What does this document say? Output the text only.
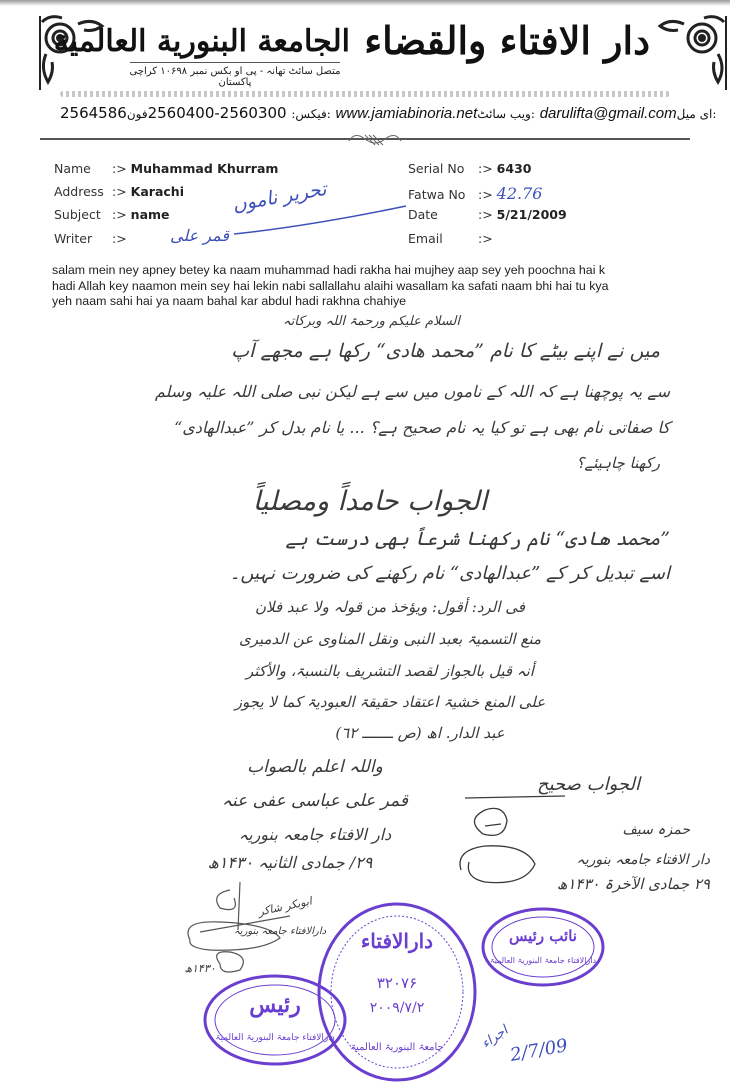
الجامعة البنوریة العالمیة
متصل سائٹ تھانہ - پی او بکس نمبر ۱۰۶۹۸ کراچی پاکستان
دار الافتاء والقضاء
2564586	فیکس: 2560300-2560400فون: www.jamiabinoria.netویب سائٹ: darulifta@gmail.comای میل:
Name :> Muhammad Khurram
Address :> Karachi
Subject :> name
Writer :>	قمر علی
تحریر ناموں
Serial No :> 6430
Fatwa No :> 42.76
Date	:> 5/21/2009
Email	:>
salam mein ney apney betey ka naam muhammad hadi rakha hai mujhey aap sey yeh poochna hai k
hadi Allah key naamon mein sey hai lekin nabi sallallahu alaihi wasallam ka safati naam bhi hai tu kya
yeh naam sahi hai ya naam bahal kar abdul hadi rakhna chahiye
السلام علیکم ورحمۃ اللہ وبرکاتہ
میں نے اپنے بیٹے کا نام ”محمد ھادی“ رکھا ہے مجھے آپ
سے یہ پوچھنا ہے کہ اللہ کے ناموں میں سے ہے لیکن نبی صلی اللہ علیہ وسلم
کا صفاتی نام بھی ہے تو کیا یہ نام صحیح ہے؟ ... یا نام بدل کر ”عبدالھادی“
رکھنا چاہیئے؟
الجواب حامداً ومصلیاً
”محمد ھادی“ نام رکھنا شرعاً بھی درست ہے
اسے تبدیل کر کے ”عبدالھادی“ نام رکھنے کی ضرورت نہیں۔
فی الرد: أقول: ویؤخذ من قولہ ولا عبد فلان
منع التسمیۃ بعبد النبی ونقل المناوی عن الدمیری
أنہ قیل بالجواز لقصد التشریف بالنسبۃ، والأکثر
علی المنع خشیۃ اعتقاد حقیقۃ العبودیۃ کما لا یجوز
عبد الدار. اھ (ص ـــــــ ٦٢)
واللہ اعلم بالصواب
قمر علی عباسی عفی عنہ
دار الافتاء جامعہ بنوریہ
۲۹/ جمادی الثانیہ ۱۴۳۰ھ
الجواب صحیح
حمزہ سیف
دار الافتاء جامعہ بنوریہ
۲۹ جمادی الآخرۃ ۱۴۳۰ھ
ابوبکر شاکر
دارالافتاء جامعہ بنوریہ
۱۴۳۰ھ
رئیس
دارالافتاء جامعۃ البنوریۃ العالمیۃ
دارالافتاء
۳۲۰۷۶
۲۰۰۹/۷/۲
جامعۃ البنوریۃ العالمیۃ
نائب رئیس
دارالافتاء جامعۃ البنوریۃ العالمیۃ
اجراء
2/7/09
